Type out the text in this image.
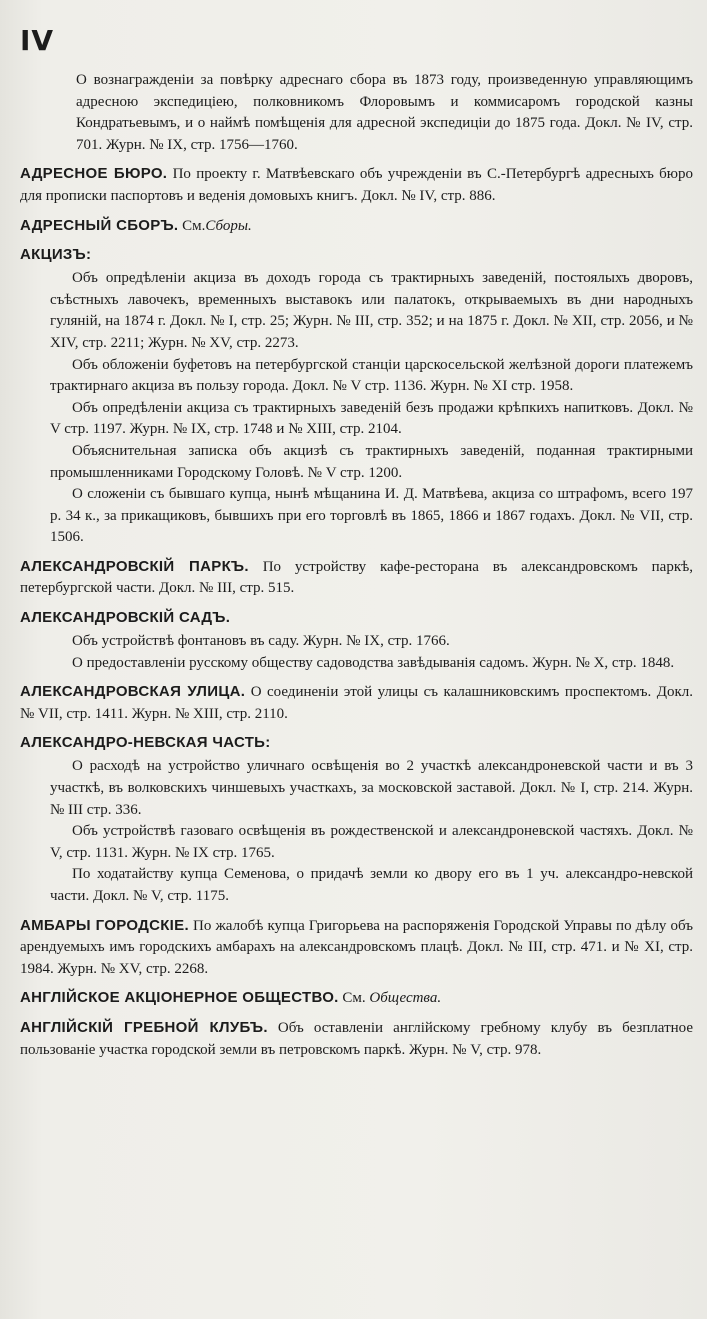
IV

О вознагражденіи за повѣрку адреснаго сбора въ 1873 году, произведенную управляющимъ адресною экспедиціею, полковникомъ Флоровымъ и коммисаромъ городской казны Кондратьевымъ, и о наймѣ помѣщенія для адресной экспедиціи до 1875 года. Докл. № IV, стр. 701. Журн. № IX, стр. 1756—1760.

АДРЕСНОЕ БЮРО. По проекту г. Матвѣевскаго объ учрежденіи въ С.-Петербургѣ адресныхъ бюро для прописки паспортовъ и веденія домовыхъ книгъ. Докл. № IV, стр. 886.

АДРЕСНЫЙ СБОРЪ. См.Сборы.

АКЦИЗЪ:

Объ опредѣленіи акциза въ доходъ города съ трактирныхъ заведеній, постоялыхъ дворовъ, съѣстныхъ лавочекъ, временныхъ выставокъ или палатокъ, открываемыхъ въ дни народныхъ гуляній, на 1874 г. Докл. № I, стр. 25; Журн. № III, стр. 352; и на 1875 г. Докл. № XII, стр. 2056, и № XIV, стр. 2211; Журн. № XV, стр. 2273.

Объ обложеніи буфетовъ на петербургской станціи царскосельской желѣзной дороги платежемъ трактирнаго акциза въ пользу города. Докл. № V стр. 1136. Журн. № XI стр. 1958.

Объ опредѣленіи акциза съ трактирныхъ заведеній безъ продажи крѣпкихъ напитковъ. Докл. № V стр. 1197. Журн. № IX, стр. 1748 и № XIII, стр. 2104.

Объяснительная записка объ акцизѣ съ трактирныхъ заведеній, поданная трактирными промышленниками Городскому Головѣ. № V стр. 1200.

О сложеніи съ бывшаго купца, нынѣ мѣщанина И. Д. Матвѣева, акциза со штрафомъ, всего 197 р. 34 к., за прикащиковъ, бывшихъ при его торговлѣ въ 1865, 1866 и 1867 годахъ. Докл. № VII, стр. 1506.

АЛЕКСАНДРОВСКІЙ ПАРКЪ. По устройству кафе-ресторана въ александровскомъ паркѣ, петербургской части. Докл. № III, стр. 515.

АЛЕКСАНДРОВСКІЙ САДЪ.

Объ устройствѣ фонтановъ въ саду. Журн. № IX, стр. 1766.

О предоставленіи русскому обществу садоводства завѣдыванія садомъ. Журн. № X, стр. 1848.

АЛЕКСАНДРОВСКАЯ УЛИЦА. О соединеніи этой улицы съ калашниковскимъ проспектомъ. Докл. № VII, стр. 1411. Журн. № XIII, стр. 2110.

АЛЕКСАНДРО-НЕВСКАЯ ЧАСТЬ:

О расходѣ на устройство уличнаго освѣщенія во 2 участкѣ александроневской части и въ 3 участкѣ, въ волковскихъ чиншевыхъ участкахъ, за московской заставой. Докл. № I, стр. 214. Журн. № III стр. 336.

Объ устройствѣ газоваго освѣщенія въ рождественской и александроневской частяхъ. Докл. № V, стр. 1131. Журн. № IX стр. 1765.

По ходатайству купца Семенова, о придачѣ земли ко двору его въ 1 уч. александро-невской части. Докл. № V, стр. 1175.

АМБАРЫ ГОРОДСКІЕ. По жалобѣ купца Григорьева на распоряженія Городской Управы по дѣлу объ арендуемыхъ имъ городскихъ амбарахъ на александровскомъ плацѣ. Докл. № III, стр. 471. и № XI, стр. 1984. Журн. № XV, стр. 2268.

АНГЛІЙСКОЕ АКЦІОНЕРНОЕ ОБЩЕСТВО. См. Общества.

АНГЛІЙСКІЙ ГРЕБНОЙ КЛУБЪ. Объ оставленіи англійскому гребному клубу въ безплатное пользованіе участка городской земли въ петровскомъ паркѣ. Журн. № V, стр. 978.
